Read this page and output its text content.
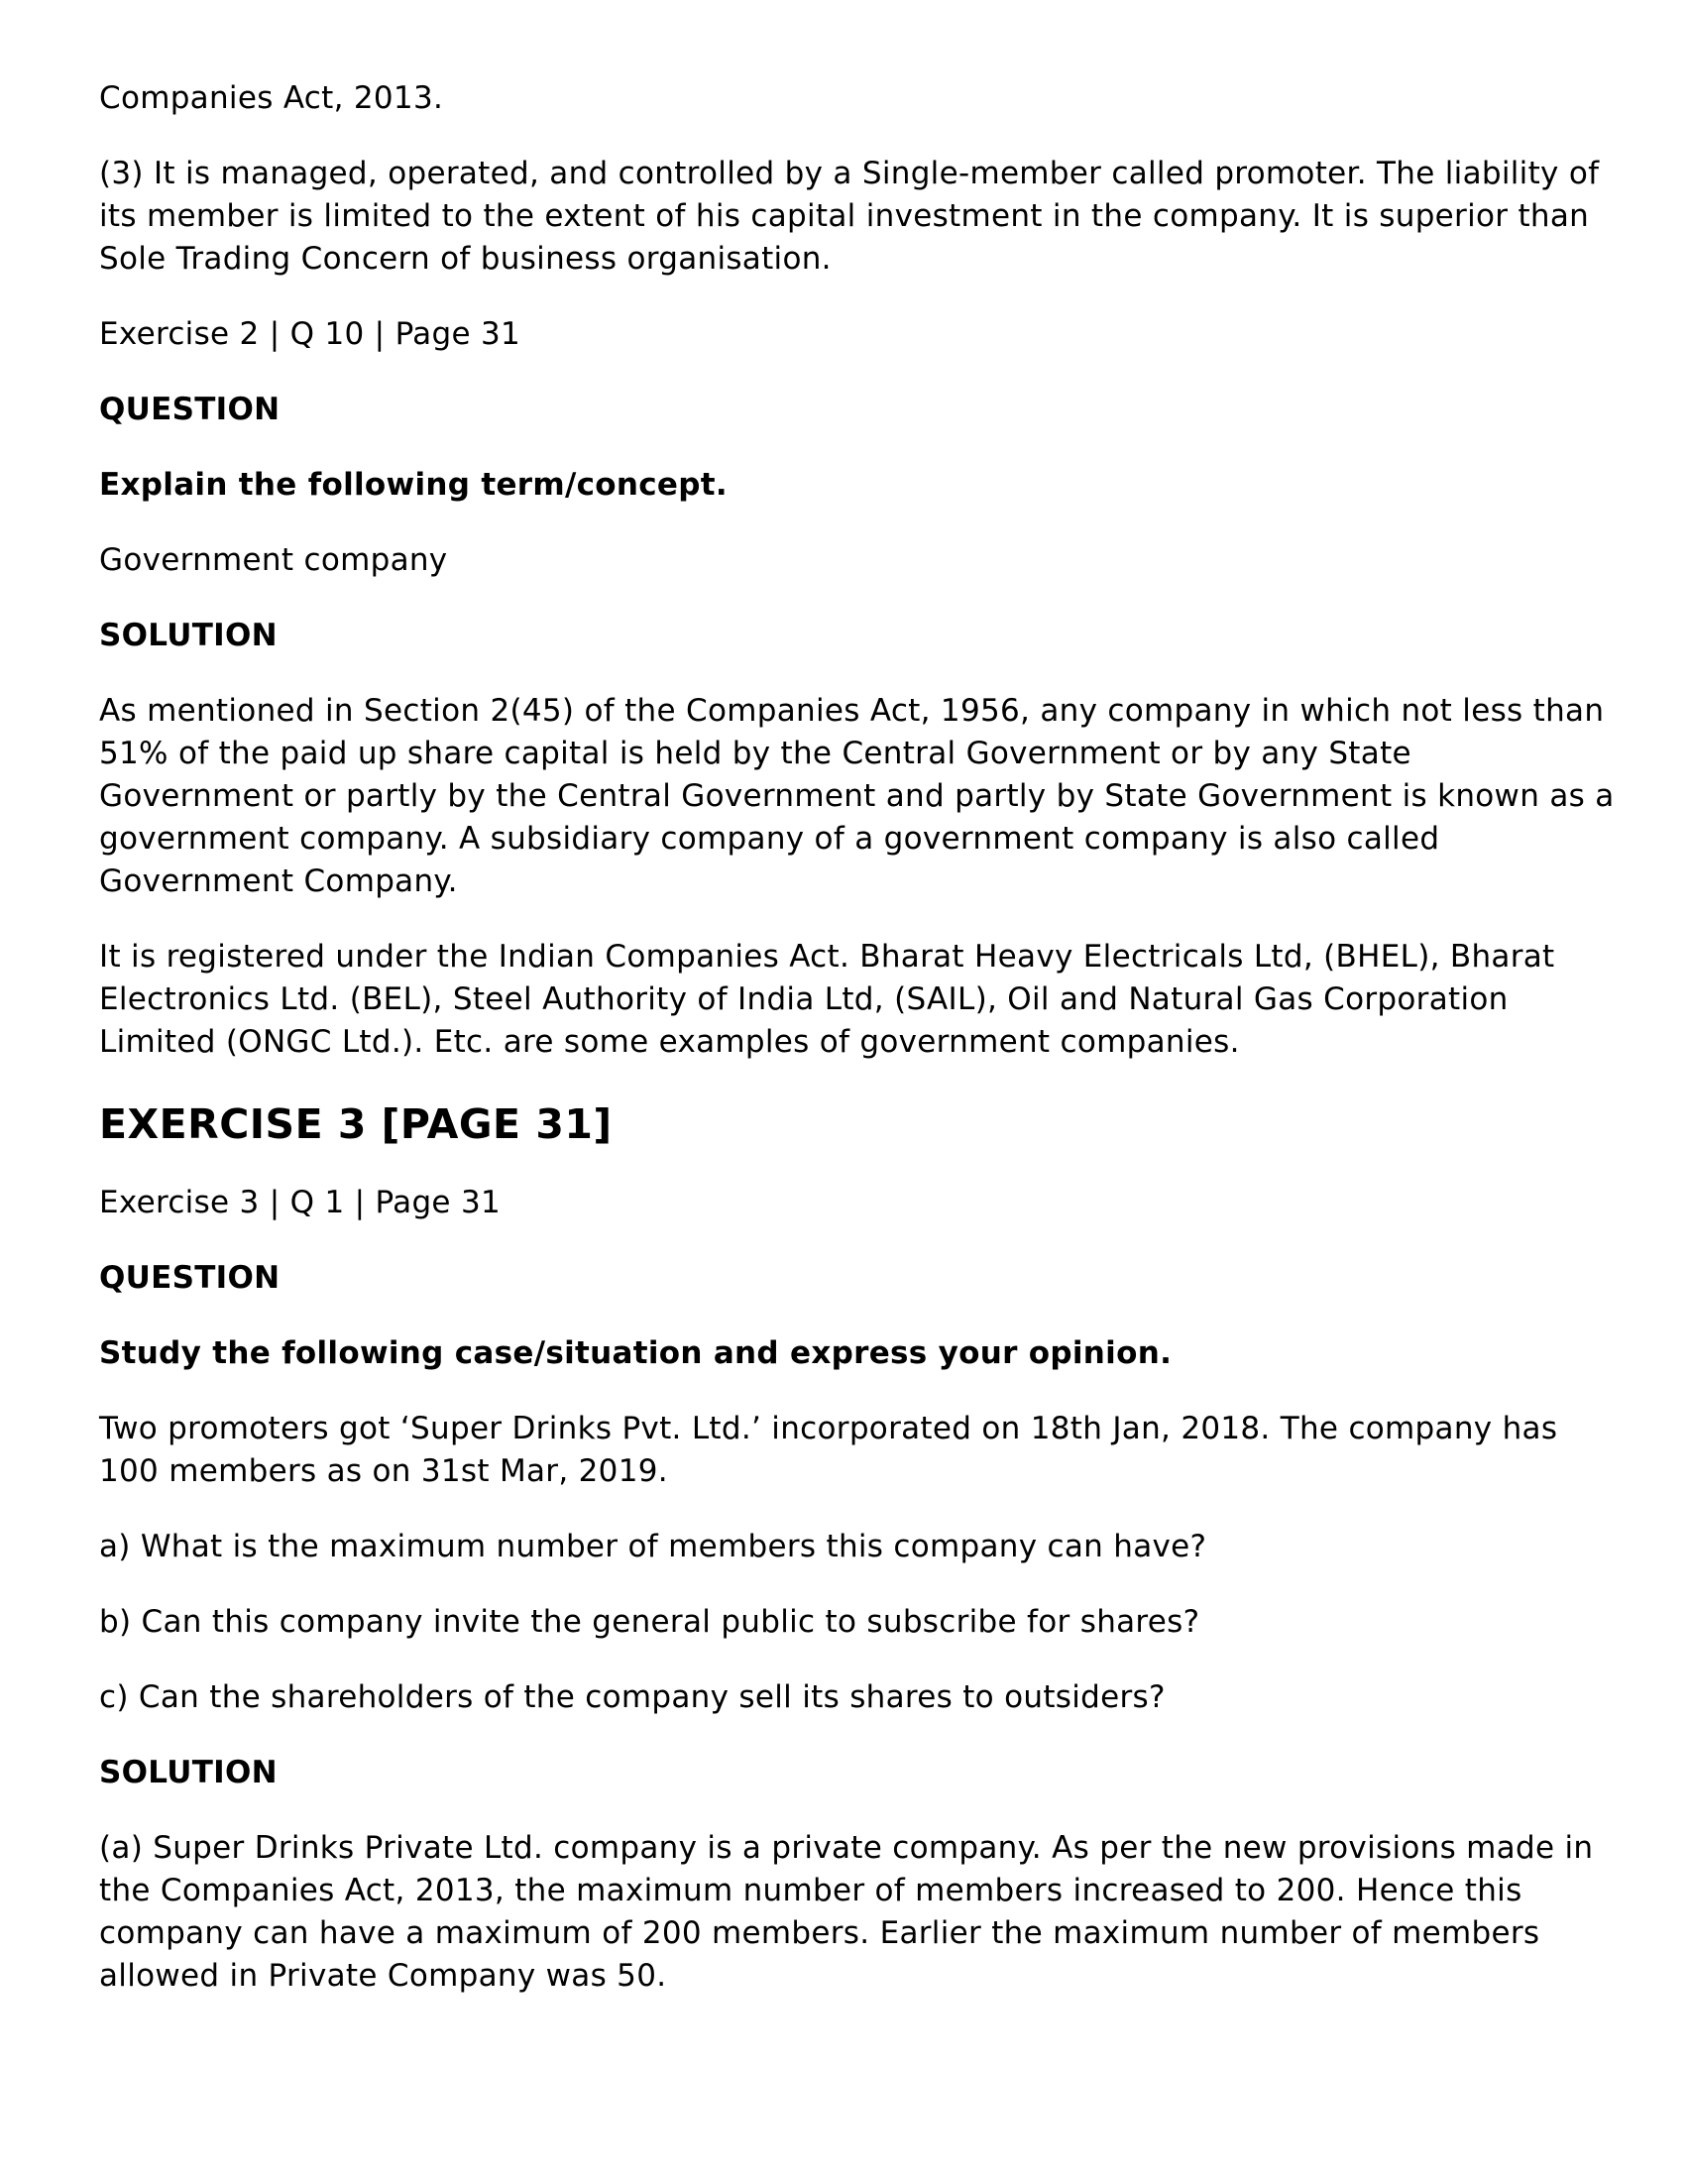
Companies Act, 2013.

(3) It is managed, operated, and controlled by a Single-member called promoter. The liability of its member is limited to the extent of his capital investment in the company. It is superior than Sole Trading Concern of business organisation.

Exercise 2 | Q 10 | Page 31

QUESTION

Explain the following term/concept.

Government company

SOLUTION

As mentioned in Section 2(45) of the Companies Act, 1956, any company in which not less than 51% of the paid up share capital is held by the Central Government or by any State Government or partly by the Central Government and partly by State Government is known as a government company. A subsidiary company of a government company is also called Government Company.

It is registered under the Indian Companies Act. Bharat Heavy Electricals Ltd, (BHEL), Bharat Electronics Ltd. (BEL), Steel Authority of India Ltd, (SAIL), Oil and Natural Gas Corporation Limited (ONGC Ltd.). Etc. are some examples of government companies.

EXERCISE 3 [PAGE 31]

Exercise 3 | Q 1 | Page 31

QUESTION

Study the following case/situation and express your opinion.

Two promoters got ‘Super Drinks Pvt. Ltd.’ incorporated on 18th Jan, 2018. The company has 100 members as on 31st Mar, 2019.

a) What is the maximum number of members this company can have?

b) Can this company invite the general public to subscribe for shares?

c) Can the shareholders of the company sell its shares to outsiders?

SOLUTION

(a) Super Drinks Private Ltd. company is a private company. As per the new provisions made in the Companies Act, 2013, the maximum number of members increased to 200. Hence this company can have a maximum of 200 members. Earlier the maximum number of members allowed in Private Company was 50.
